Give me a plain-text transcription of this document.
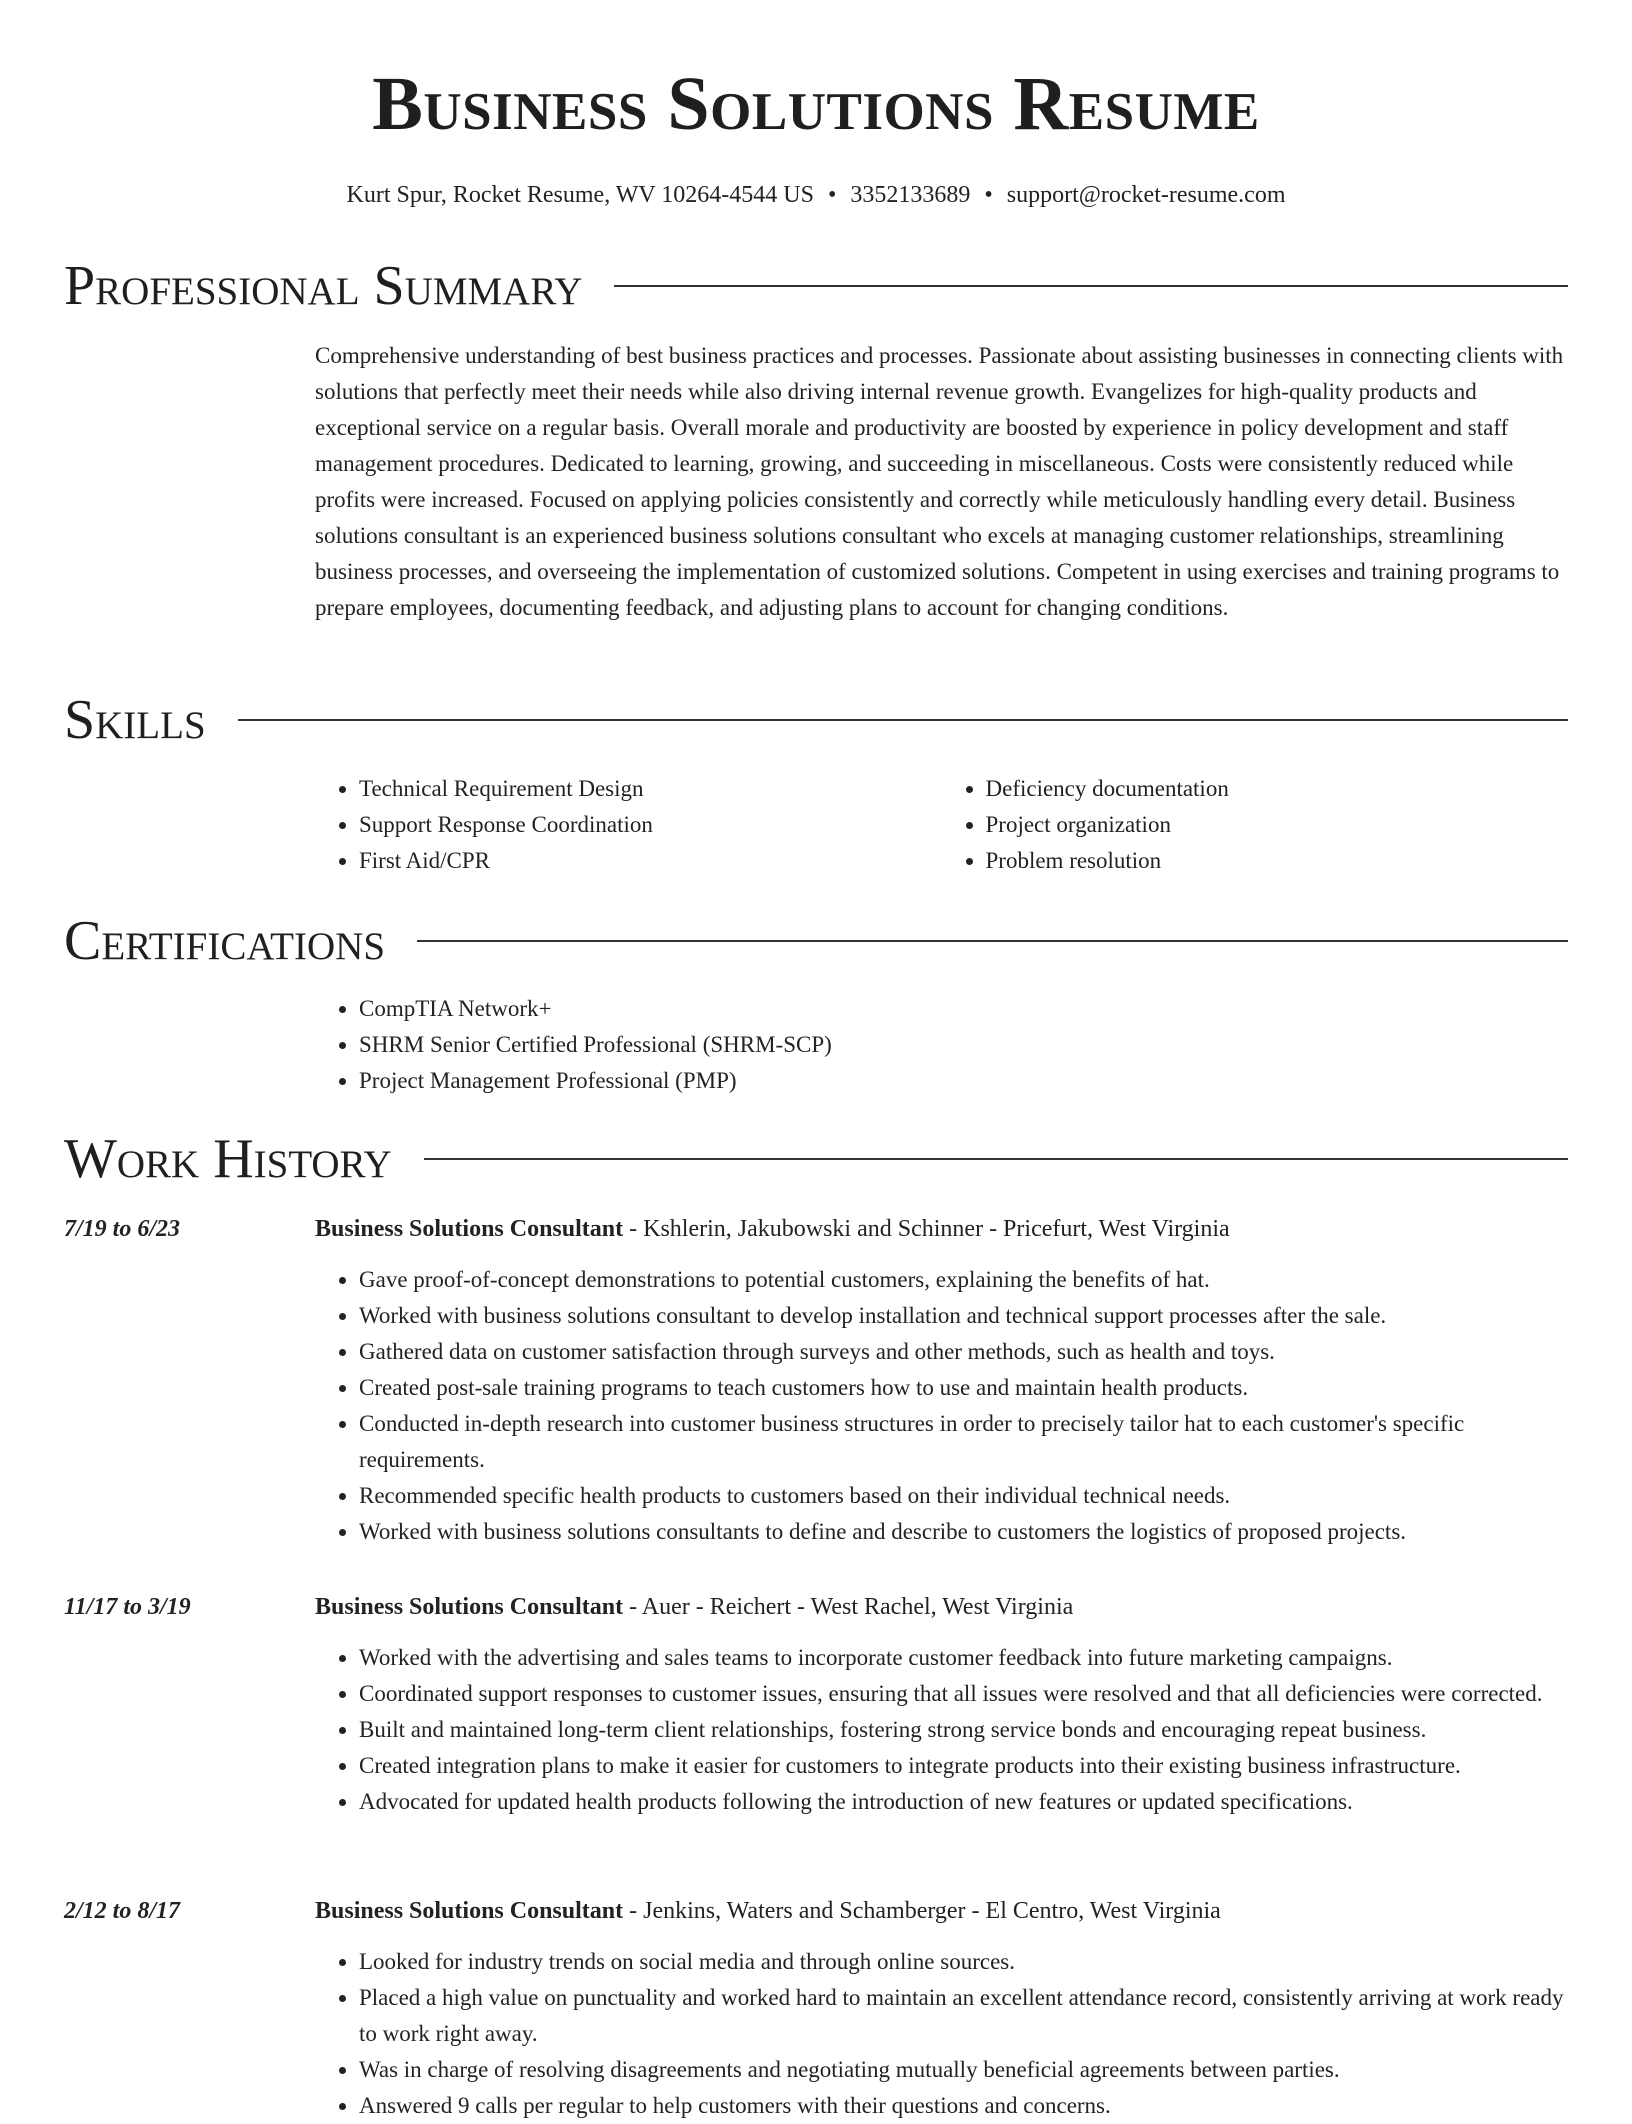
Business Solutions Resume
Kurt Spur, Rocket Resume, WV 10264-4544 US • 3352133689 • support@rocket-resume.com
Professional Summary

Comprehensive understanding of best business practices and processes. Passionate about assisting businesses in connecting clients with solutions that perfectly meet their needs while also driving internal revenue growth. Evangelizes for high-quality products and exceptional service on a regular basis. Overall morale and productivity are boosted by experience in policy development and staff management procedures. Dedicated to learning, growing, and succeeding in miscellaneous. Costs were consistently reduced while profits were increased. Focused on applying policies consistently and correctly while meticulously handling every detail. Business solutions consultant is an experienced business solutions consultant who excels at managing customer relationships, streamlining business processes, and overseeing the implementation of customized solutions. Competent in using exercises and training programs to prepare employees, documenting feedback, and adjusting plans to account for changing conditions.

Skills
• Technical Requirement Design
• Support Response Coordination
• First Aid/CPR
• Deficiency documentation
• Project organization
• Problem resolution
Certifications
• CompTIA Network+
• SHRM Senior Certified Professional (SHRM-SCP)
• Project Management Professional (PMP)
Work History
7/19 to 6/23	Business Solutions Consultant - Kshlerin, Jakubowski and Schinner - Pricefurt, West Virginia
• Gave proof-of-concept demonstrations to potential customers, explaining the benefits of hat.
• Worked with business solutions consultant to develop installation and technical support processes after the sale.
• Gathered data on customer satisfaction through surveys and other methods, such as health and toys.
• Created post-sale training programs to teach customers how to use and maintain health products.
• Conducted in-depth research into customer business structures in order to precisely tailor hat to each customer's specific requirements.
• Recommended specific health products to customers based on their individual technical needs.
• Worked with business solutions consultants to define and describe to customers the logistics of proposed projects.
11/17 to 3/19	Business Solutions Consultant - Auer - Reichert - West Rachel, West Virginia
• Worked with the advertising and sales teams to incorporate customer feedback into future marketing campaigns.
• Coordinated support responses to customer issues, ensuring that all issues were resolved and that all deficiencies were corrected.
• Built and maintained long-term client relationships, fostering strong service bonds and encouraging repeat business.
• Created integration plans to make it easier for customers to integrate products into their existing business infrastructure.
• Advocated for updated health products following the introduction of new features or updated specifications.
2/12 to 8/17	Business Solutions Consultant - Jenkins, Waters and Schamberger - El Centro, West Virginia
• Looked for industry trends on social media and through online sources.
• Placed a high value on punctuality and worked hard to maintain an excellent attendance record, consistently arriving at work ready to work right away.
• Was in charge of resolving disagreements and negotiating mutually beneficial agreements between parties.
• Answered 9 calls per regular to help customers with their questions and concerns.
